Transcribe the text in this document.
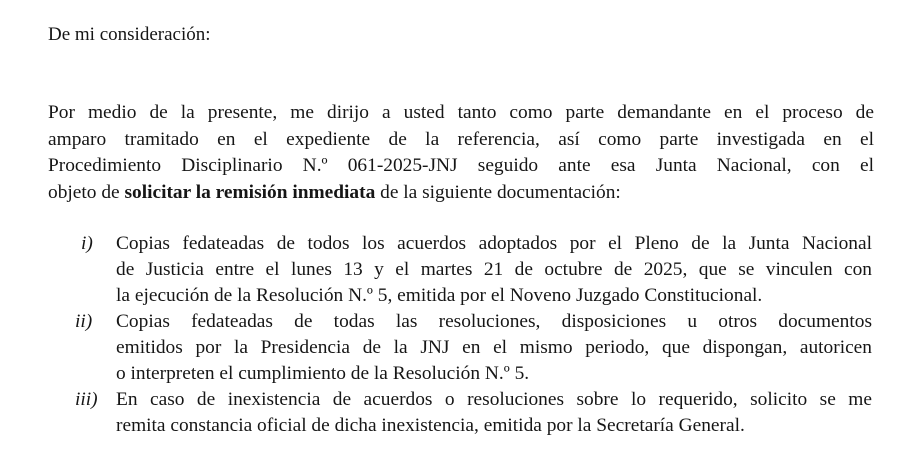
De mi consideración:

Por medio de la presente, me dirijo a usted tanto como parte demandante en el proceso de
amparo tramitado en el expediente de la referencia, así como parte investigada en el
Procedimiento Disciplinario N.º 061-2025-JNJ seguido ante esa Junta Nacional, con el
objeto de solicitar la remisión inmediata de la siguiente documentación:

i) Copias fedateadas de todos los acuerdos adoptados por el Pleno de la Junta Nacional
de Justicia entre el lunes 13 y el martes 21 de octubre de 2025, que se vinculen con
la ejecución de la Resolución N.º 5, emitida por el Noveno Juzgado Constitucional.
ii) Copias fedateadas de todas las resoluciones, disposiciones u otros documentos
emitidos por la Presidencia de la JNJ en el mismo periodo, que dispongan, autoricen
o interpreten el cumplimiento de la Resolución N.º 5.
iii) En caso de inexistencia de acuerdos o resoluciones sobre lo requerido, solicito se me
remita constancia oficial de dicha inexistencia, emitida por la Secretaría General.
